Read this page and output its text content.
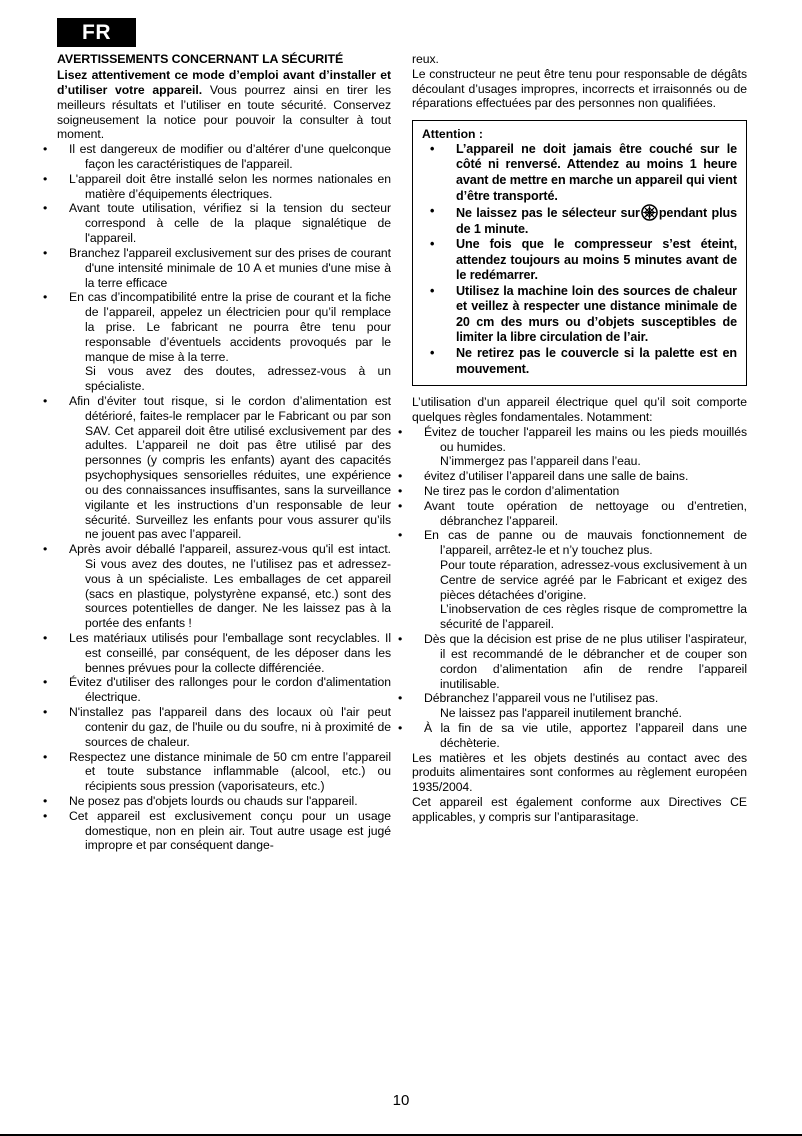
FR
AVERTISSEMENTS CONCERNANT LA SÉCURITÉ

Lisez attentivement ce mode d’emploi avant d’installer et d’utiliser votre appareil. Vous pourrez ainsi en tirer les meilleurs résultats et l’utiliser en toute sécurité. Conservez soigneusement la notice pour pouvoir la consulter à tout moment.

• Il est dangereux de modifier ou d’altérer d’une quelconque façon les caractéristiques de l'appareil.
• L'appareil doit être installé selon les normes nationales en matière d’équipements électriques.
• Avant toute utilisation, vérifiez si la tension du secteur correspond à celle de la plaque signalétique de l'appareil.
• Branchez l'appareil exclusivement sur des prises de courant d'une intensité minimale de 10 A et munies d'une mise à la terre efficace
• En cas d’incompatibilité entre la prise de courant et la fiche de l’appareil, appelez un électricien pour qu’il remplace la prise. Le fabricant ne pourra être tenu pour responsable d’éventuels accidents provoqués par le manque de mise à la terre.
Si vous avez des doutes, adressez-vous à un spécialiste.
• Afin d’éviter tout risque, si le cordon d’alimentation est détérioré, faites-le remplacer par le Fabricant ou par son SAV. Cet appareil doit être utilisé exclusivement par des adultes. L’appareil ne doit pas être utilisé par des personnes (y compris les enfants) ayant des capacités psychophysiques sensorielles réduites, une expérience ou des connaissances insuffisantes, sans la surveillance vigilante et les instructions d’un responsable de leur sécurité. Surveillez les enfants pour vous assurer qu’ils ne jouent pas avec l’appareil.
• Après avoir déballé l'appareil, assurez-vous qu'il est intact. Si vous avez des doutes, ne l’utilisez pas et adressez-vous à un spécialiste. Les emballages de cet appareil (sacs en plastique, polystyrène expansé, etc.) sont des sources potentielles de danger. Ne les laissez pas à la portée des enfants !
• Les matériaux utilisés pour l'emballage sont recyclables. Il est conseillé, par conséquent, de les déposer dans les bennes prévues pour la collecte différenciée.
• Évitez d'utiliser des rallonges pour le cordon d'alimentation électrique.
• N'installez pas l'appareil dans des locaux où l'air peut contenir du gaz, de l'huile ou du soufre, ni à proximité de sources de chaleur.
• Respectez une distance minimale de 50 cm entre l’appareil et toute substance inflammable (alcool, etc.) ou récipients sous pression (vaporisateurs, etc.)
• Ne posez pas d'objets lourds ou chauds sur l'appareil.
• Cet appareil est exclusivement conçu pour un usage domestique, non en plein air. Tout autre usage est jugé impropre et par conséquent dange-

reux.

Le constructeur ne peut être tenu pour responsable de dégâts découlant d’usages impropres, incorrects et irraisonnés ou de réparations effectuées par des personnes non qualifiées.

Attention :
• L’appareil ne doit jamais être couché sur le côté ni renversé. Attendez au moins 1 heure avant de mettre en marche un appareil qui vient d’être transporté.
• Ne laissez pas le sélecteur sur pendant plus de 1 minute.
• Une fois que le compresseur s’est éteint, attendez toujours au moins 5 minutes avant de le redémarrer.
• Utilisez la machine loin des sources de chaleur et veillez à respecter une distance minimale de 20 cm des murs ou d’objets susceptibles de limiter la libre circulation de l’air.
• Ne retirez pas le couvercle si la palette est en mouvement.

L’utilisation d’un appareil électrique quel qu’il soit comporte quelques règles fondamentales. Notamment:

• Évitez de toucher l'appareil les mains ou les pieds mouillés ou humides.
N’immergez pas l’appareil dans l’eau.
• évitez d’utiliser l’appareil dans une salle de bains.
• Ne tirez pas le cordon d’alimentation
• Avant toute opération de nettoyage ou d’entretien, débranchez l’appareil.
• En cas de panne ou de mauvais fonctionnement de l’appareil, arrêtez-le et n’y touchez plus.
Pour toute réparation, adressez-vous exclusivement à un Centre de service agréé par le Fabricant et exigez des pièces détachées d’origine.
L’inobservation de ces règles risque de compromettre la sécurité de l’appareil.
• Dès que la décision est prise de ne plus utiliser l’aspirateur, il est recommandé de le débrancher et de couper son cordon d’alimentation afin de rendre l’appareil inutilisable.
• Débranchez l’appareil vous ne l’utilisez pas.
Ne laissez pas l'appareil inutilement branché.
• À la fin de sa vie utile, apportez l’appareil dans une déchèterie.

Les matières et les objets destinés au contact avec des produits alimentaires sont conformes au règlement européen 1935/2004.

Cet appareil est également conforme aux Directives CE applicables, y compris sur l’antiparasitage.

10
